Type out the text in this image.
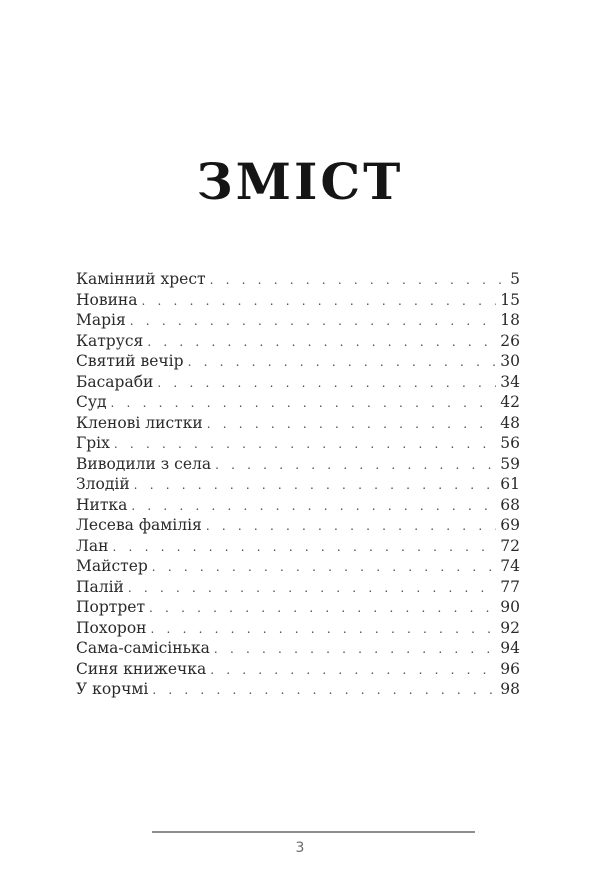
ЗМІСТ
Камінний хрест . . .	5
Новина . . .	15
Марія . . .	18
Катруся . . .	26
Святий вечір . . .	30
Басараби . . .	34
Суд . . .	42
Кленові листки . . .	48
Гріх . . .	56
Виводили з села . . .	59
Злодій . . .	61
Нитка . . .	68
Лесева фамілія . . .	69
Лан . . .	72
Майстер . . .	74
Палій . . .	77
Портрет . . .	90
Похорон . . .	92
Сама-самісінька . . .	94
Синя книжечка . . .	96
У корчмі . . .	98
3
